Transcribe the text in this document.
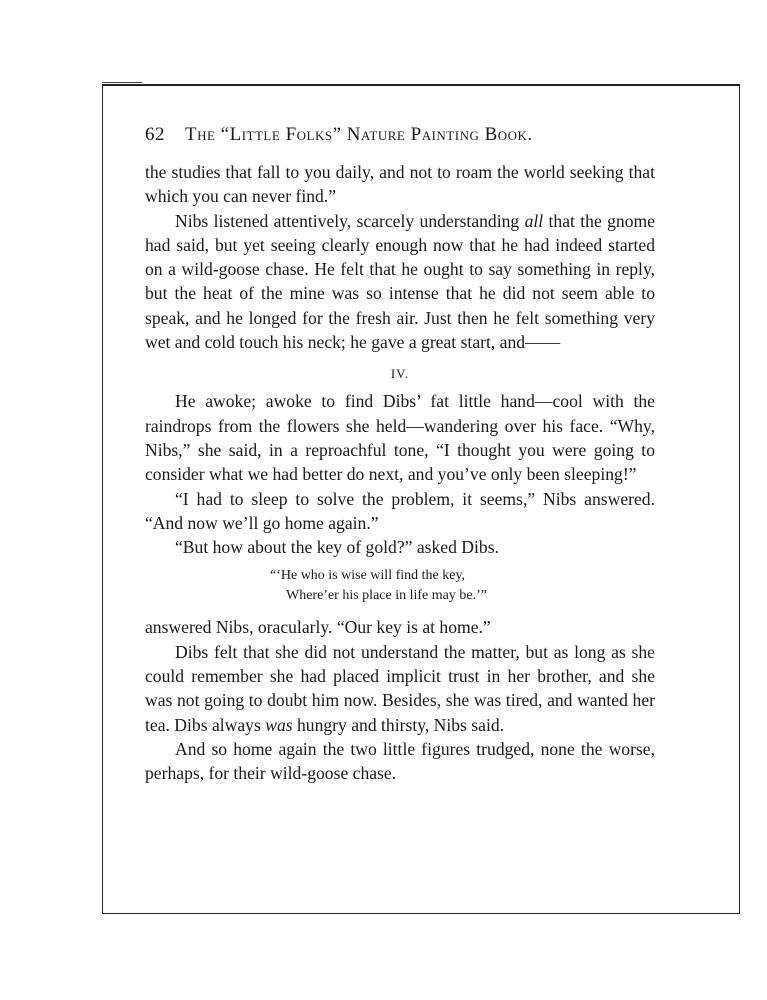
62 The “Little Folks” Nature Painting Book.

the studies that fall to you daily, and not to roam the world seeking that which you can never find.”

Nibs listened attentively, scarcely understanding all that the gnome had said, but yet seeing clearly enough now that he had indeed started on a wild-goose chase. He felt that he ought to say something in reply, but the heat of the mine was so intense that he did not seem able to speak, and he longed for the fresh air. Just then he felt something very wet and cold touch his neck; he gave a great start, and——

IV.

He awoke; awoke to find Dibs’ fat little hand—cool with the raindrops from the flowers she held—wandering over his face. “Why, Nibs,” she said, in a reproachful tone, “I thought you were going to consider what we had better do next, and you’ve only been sleeping!”

“I had to sleep to solve the problem, it seems,” Nibs answered. “And now we’ll go home again.”

“But how about the key of gold?” asked Dibs.

“‘He who is wise will find the key,
Where’er his place in life may be.’”

answered Nibs, oracularly. “Our key is at home.”

Dibs felt that she did not understand the matter, but as long as she could remember she had placed implicit trust in her brother, and she was not going to doubt him now. Besides, she was tired, and wanted her tea. Dibs always was hungry and thirsty, Nibs said.

And so home again the two little figures trudged, none the worse, perhaps, for their wild-goose chase.
